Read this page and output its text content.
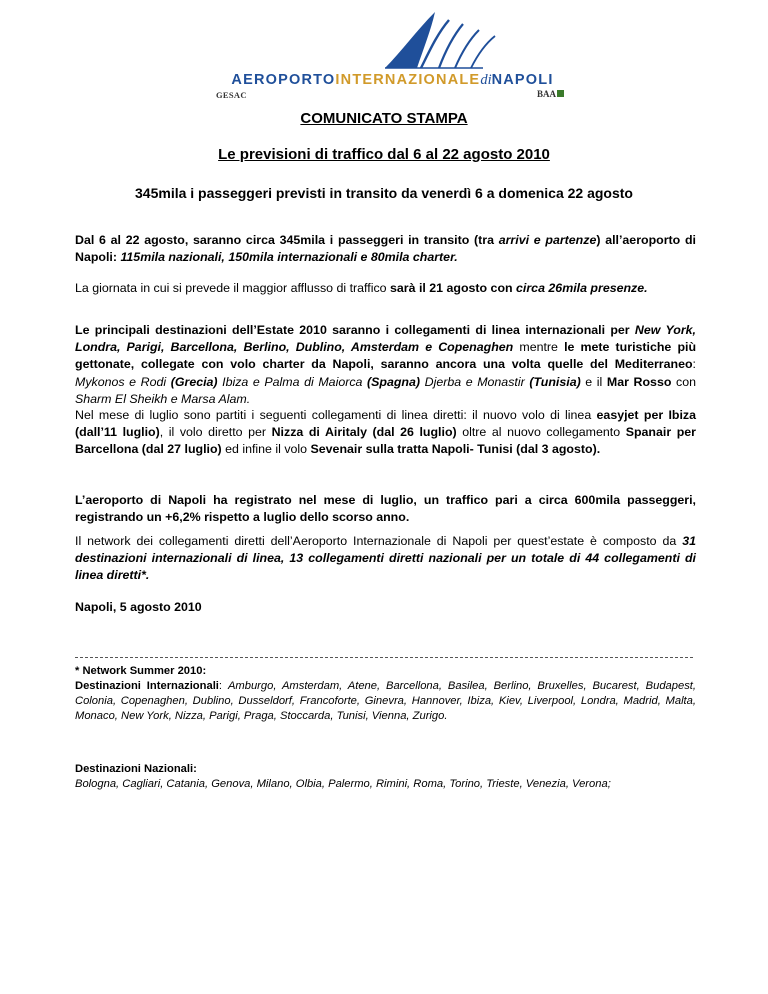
AEROPORTOINTERNAZIONALEdiNAPOLI
GESAC	BAA
COMUNICATO STAMPA
Le previsioni di traffico dal 6 al 22 agosto 2010
345mila i passeggeri previsti in transito da venerdì 6 a domenica 22 agosto

Dal 6 al 22 agosto, saranno circa 345mila i passeggeri in transito (tra arrivi e partenze) all’aeroporto di Napoli: 115mila nazionali, 150mila internazionali e 80mila charter.

La giornata in cui si prevede il maggior afflusso di traffico sarà il 21 agosto con circa 26mila presenze.

Le principali destinazioni dell’Estate 2010 saranno i collegamenti di linea internazionali per New York, Londra, Parigi, Barcellona, Berlino, Dublino, Amsterdam e Copenaghen mentre le mete turistiche più gettonate, collegate con volo charter da Napoli, saranno ancora una volta quelle del Mediterraneo: Mykonos e Rodi (Grecia) Ibiza e Palma di Maiorca (Spagna) Djerba e Monastir (Tunisia) e il Mar Rosso con Sharm El Sheikh e Marsa Alam.

Nel mese di luglio sono partiti i seguenti collegamenti di linea diretti: il nuovo volo di linea easyjet per Ibiza (dall’11 luglio), il volo diretto per Nizza di Airitaly (dal 26 luglio) oltre al nuovo collegamento Spanair per Barcellona (dal 27 luglio) ed infine il volo Sevenair sulla tratta Napoli- Tunisi (dal 3 agosto).

L’aeroporto di Napoli ha registrato nel mese di luglio, un traffico pari a circa 600mila passeggeri, registrando un +6,2% rispetto a luglio dello scorso anno.

Il network dei collegamenti diretti dell’Aeroporto Internazionale di Napoli per quest’estate è composto da 31 destinazioni internazionali di linea, 13 collegamenti diretti nazionali per un totale di 44 collegamenti di linea diretti*.

Napoli, 5 agosto 2010

* Network Summer 2010:

Destinazioni Internazionali: Amburgo, Amsterdam, Atene, Barcellona, Basilea, Berlino, Bruxelles, Bucarest, Budapest, Colonia, Copenaghen, Dublino, Dusseldorf, Francoforte, Ginevra, Hannover, Ibiza, Kiev, Liverpool, Londra, Madrid, Malta, Monaco, New York, Nizza, Parigi, Praga, Stoccarda, Tunisi, Vienna, Zurigo.

Destinazioni Nazionali:

Bologna, Cagliari, Catania, Genova, Milano, Olbia, Palermo, Rimini, Roma, Torino, Trieste, Venezia, Verona;
